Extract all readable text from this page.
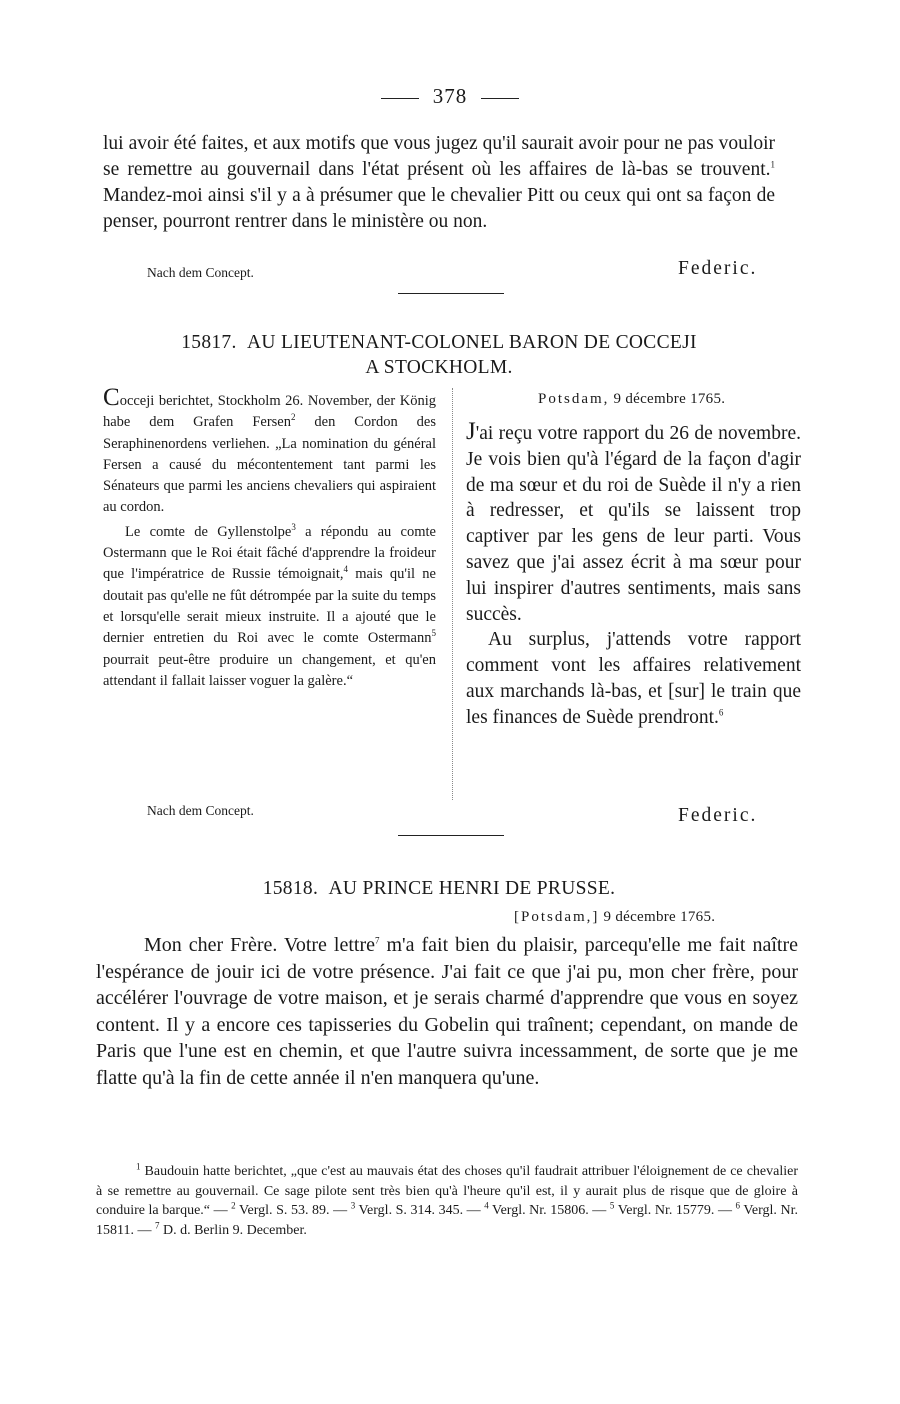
378
lui avoir été faites, et aux motifs que vous jugez qu'il saurait avoir pour ne pas vouloir se remettre au gouvernail dans l'état présent où les affaires de là-bas se trouvent.$^1$ Mandez-moi ainsi s'il y a à présumer que le chevalier Pitt ou ceux qui ont sa façon de penser, pourront rentrer dans le ministère ou non.
Nach dem Concept.	Federic.
15817. AU LIEUTENANT-COLONEL BARON DE COCCEJI
A STOCKHOLM.

Cocceji berichtet, Stockholm 26. November, der König habe dem Grafen Fersen$^2$ den Cordon des Seraphinenordens verliehen. „La nomination du général Fersen a causé du mécontentement tant parmi les Sénateurs que parmi les anciens chevaliers qui aspiraient au cordon.

Le comte de Gyllenstolpe$^3$ a répondu au comte Ostermann que le Roi était fâché d'apprendre la froideur que l'impératrice de Russie témoignait,$^4$ mais qu'il ne doutait pas qu'elle ne fût détrompée par la suite du temps et lorsqu'elle serait mieux instruite. Il a ajouté que le dernier entretien du Roi avec le comte Ostermann$^5$ pourrait peut-être produire un changement, et qu'en attendant il fallait laisser voguer la galère.“

Potsdam, 9 décembre 1765.

J'ai reçu votre rapport du 26 de novembre. Je vois bien qu'à l'égard de la façon d'agir de ma sœur et du roi de Suède il n'y a rien à redresser, et qu'ils se laissent trop captiver par les gens de leur parti. Vous savez que j'ai assez écrit à ma sœur pour lui inspirer d'autres sentiments, mais sans succès.

Au surplus, j'attends votre rapport comment vont les affaires relativement aux marchands là-bas, et [sur] le train que les finances de Suède prendront.$^6$

Nach dem Concept.	Federic.
15818. AU PRINCE HENRI DE PRUSSE.
[Potsdam,] 9 décembre 1765.
Mon cher Frère. Votre lettre$^7$ m'a fait bien du plaisir, parcequ'elle me fait naître l'espérance de jouir ici de votre présence. J'ai fait ce que j'ai pu, mon cher frère, pour accélérer l'ouvrage de votre maison, et je serais charmé d'apprendre que vous en soyez content. Il y a encore ces tapisseries du Gobelin qui traînent; cependant, on mande de Paris que l'une est en chemin, et que l'autre suivra incessamment, de sorte que je me flatte qu'à la fin de cette année il n'en manquera qu'une.

$^1$ Baudouin hatte berichtet, „que c'est au mauvais état des choses qu'il faudrait attribuer l'éloignement de ce chevalier à se remettre au gouvernail. Ce sage pilote sent très bien qu'à l'heure qu'il est, il y aurait plus de risque que de gloire à conduire la barque.“ — $^2$ Vergl. S. 53. 89. — $^3$ Vergl. S. 314. 345. — $^4$ Vergl. Nr. 15806. — $^5$ Vergl. Nr. 15779. — $^6$ Vergl. Nr. 15811. — $^7$ D. d. Berlin 9. December.
